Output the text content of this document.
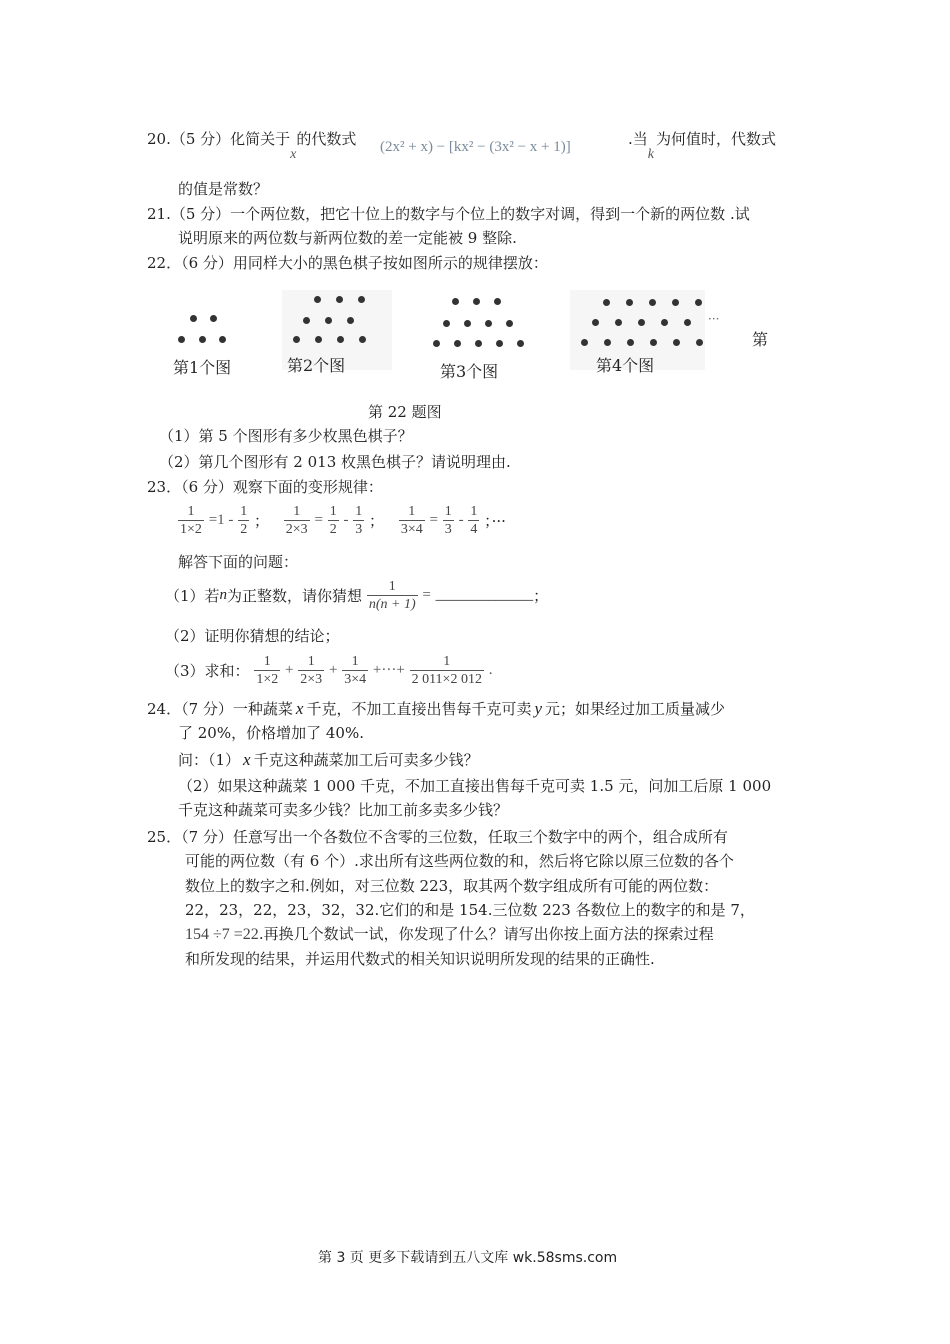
20.（5 分）化简关于x的代数式 (2x² + x) − [kx² − (3x² − x + 1)]	.当k为何值时，代数式
的值是常数？
21.（5 分）一个两位数，把它十位上的数字与个位上的数字对调，得到一个新的两位数 .试
说明原来的两位数与新两位数的差一定能被 9 整除.
22．（6 分）用同样大小的黑色棋子按如图所示的规律摆放：
···
第1个图	第2个图	第3个图	第4个图
第
第 22 题图
（1）第 5 个图形有多少枚黑色棋子？
（2）第几个图形有 2 013 枚黑色棋子？请说明理由.
23．（6 分）观察下面的变形规律：
$\frac{1}{1\times 2} =1 - \frac{1}{2}$ ； $\frac{1}{2\times 3} = \frac{1}{2} - \frac{1}{3}$ ； $\frac{1}{3\times 4} = \frac{1}{3} - \frac{1}{4}$ ；···
解答下面的问题：
（1）若n为正整数，请你猜想 $\frac{1}{n(n + 1)}$ = _____________；
（2）证明你猜想的结论；
（3）求和： $\frac{1}{1\times 2} + \frac{1}{2\times 3} + \frac{1}{3\times 4}$ +···+ $\frac{1}{2 011\times 2 012}$ .
24．（7 分）一种蔬菜 x 千克，不加工直接出售每千克可卖 y 元；如果经过加工质量减少
了 20%，价格增加了 40%.
问：（1） x 千克这种蔬菜加工后可卖多少钱？
（2）如果这种蔬菜 1 000 千克，不加工直接出售每千克可卖 1.5 元，问加工后原 1 000
千克这种蔬菜可卖多少钱？比加工前多卖多少钱？
25．（7 分）任意写出一个各数位不含零的三位数，任取三个数字中的两个，组合成所有
可能的两位数（有 6 个）.求出所有这些两位数的和，然后将它除以原三位数的各个
数位上的数字之和.例如，对三位数 223，取其两个数字组成所有可能的两位数：
22，23，22，23，32，32.它们的和是 154.三位数 223 各数位上的数字的和是 7，
154 ÷7 =22.再换几个数试一试，你发现了什么？请写出你按上面方法的探索过程
和所发现的结果，并运用代数式的相关知识说明所发现的结果的正确性.
第 3 页 更多下载请到五八文库 wk.58sms.com
